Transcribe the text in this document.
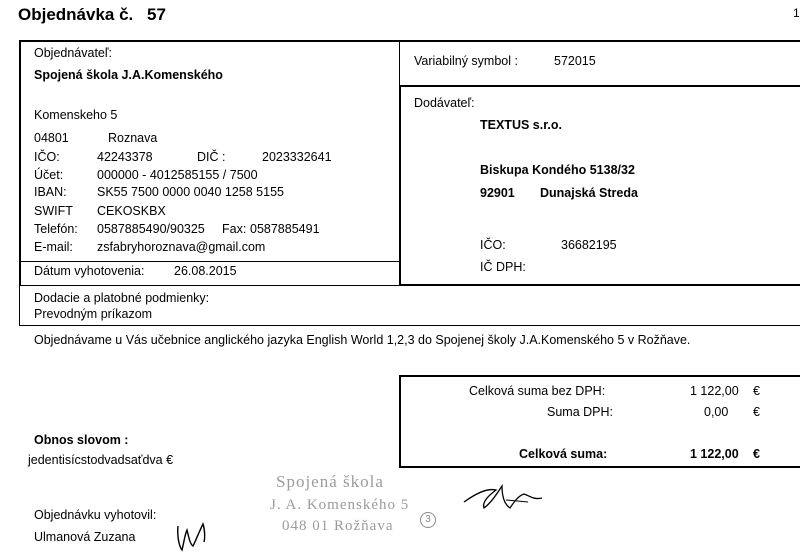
Objednávka č. 57	1
Objednávateľ:
Spojená škola J.A.Komenského
Komenskeho 5
04801	Roznava
IČO:	42243378	DIČ :	2023332641
Účet:	000000 - 4012585155 / 7500
IBAN: SK55 7500 0000 0040 1258 5155
SWIFT CEKOSKBX
Telefón: 0587885490/90325 Fax: 0587885491
E-mail: zsfabryhoroznava@gmail.com
Dátum vyhotovenia: 26.08.2015
Variabilný symbol :	572015
Dodávateľ:
TEXTUS s.r.o.
Biskupa Kondého 5138/32
92901 Dunajská Streda
IČO:	36682195
IČ DPH:
Dodacie a platobné podmienky:
Prevodným príkazom
Objednávame u Vás učebnice anglického jazyka English World 1,2,3 do Spojenej školy J.A.Komenského 5 v Rožňave.
Celková suma bez DPH:	1 122,00 €
Suma DPH:	0,00 €
Celková suma:	1 122,00 €
Obnos slovom :
jedentisícstodvadsaťdva €
Objednávku vyhotovil:
Ulmanová Zuzana
Spojená škola
J. A. Komenského 5
048 01 Rožňava	3
